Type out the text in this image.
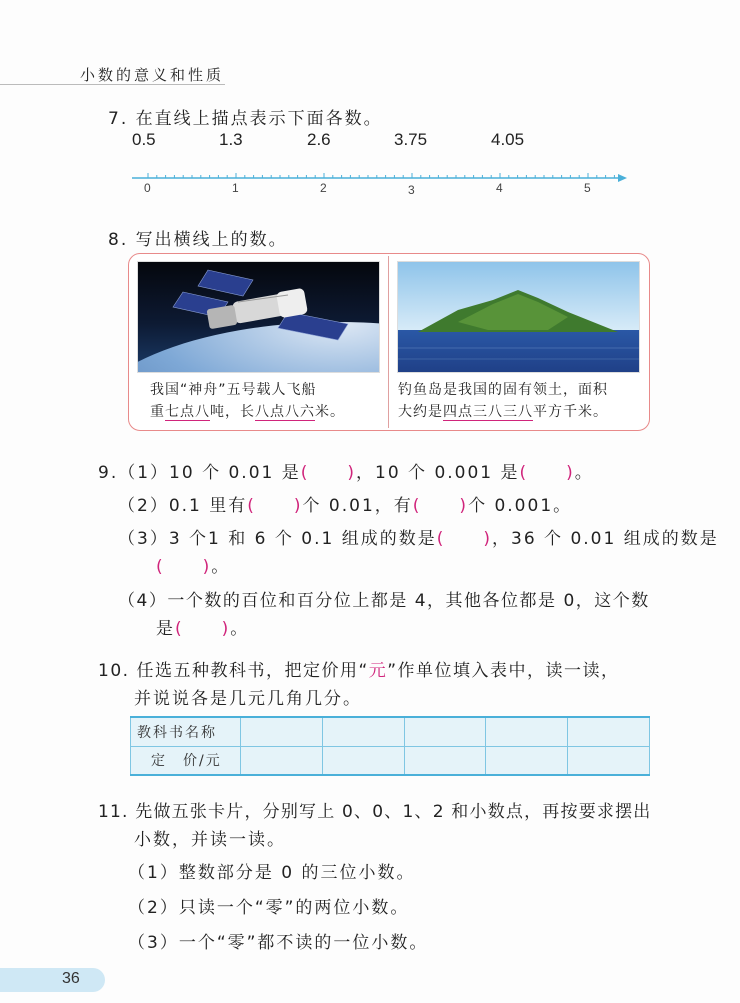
小数的意义和性质
7. 在直线上描点表示下面各数。
0.5	1.3	2.6	3.75	4.05
0	1	2	3	4	5
8. 写出横线上的数。
我国“神舟”五号载人飞船
重七点八吨，长八点八六米。
钓鱼岛是我国的固有领土，面积
大约是四点三八三八平方千米。
9.（1）10 个 0.01 是(　　)，10 个 0.001 是(　　)。
（2）0.1 里有(　　)个 0.01，有(　　)个 0.001。
（3）3 个1 和 6 个 0.1 组成的数是(　　)，36 个 0.01 组成的数是
(　　)。
（4）一个数的百位和百分位上都是 4，其他各位都是 0，这个数
是(　　)。
10. 任选五种教科书，把定价用“元”作单位填入表中，读一读，
并说说各是几元几角几分。
教科书名称					
定　价/元					
11. 先做五张卡片，分别写上 0、0、1、2 和小数点，再按要求摆出
小数，并读一读。
（1）整数部分是 0 的三位小数。
（2）只读一个“零”的两位小数。
（3）一个“零”都不读的一位小数。
36
